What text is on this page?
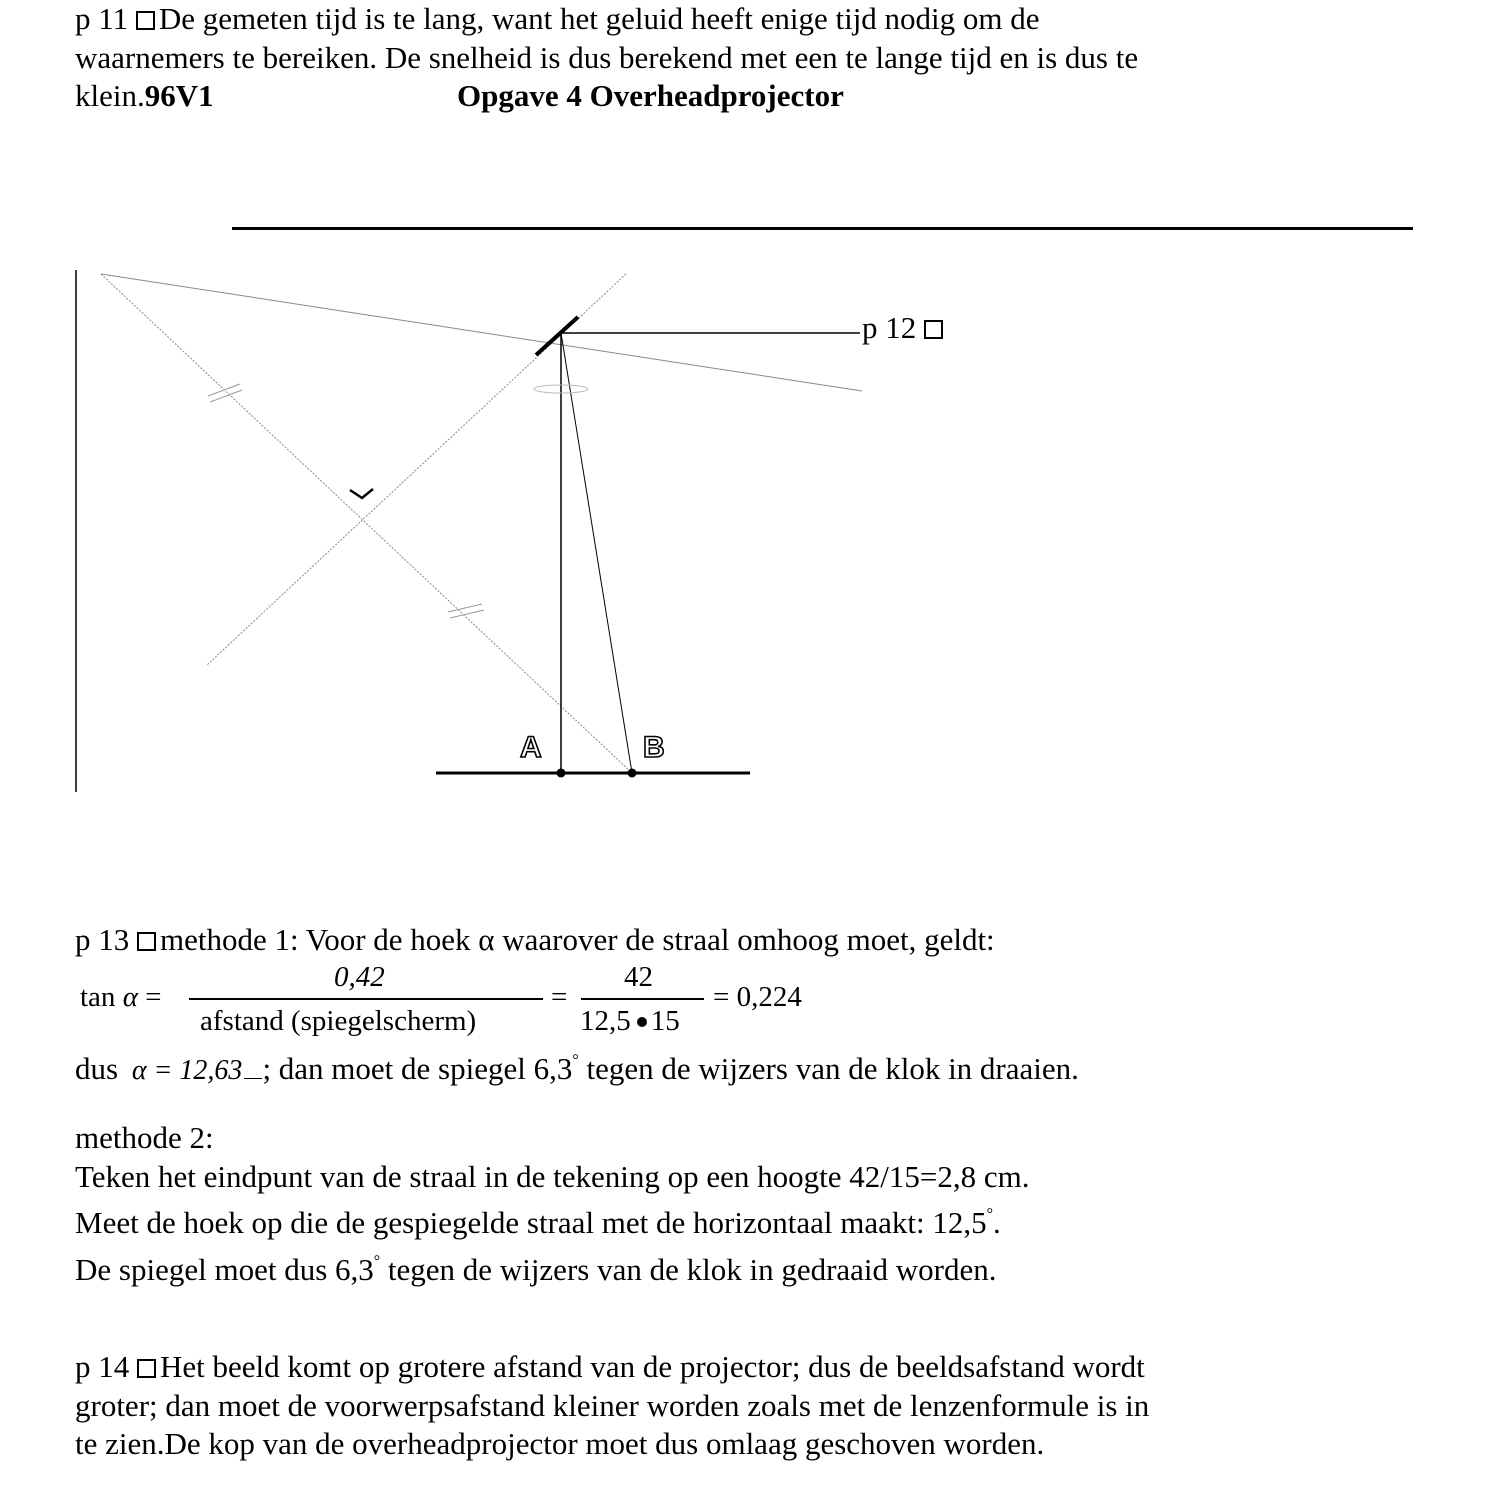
p 11 De gemeten tijd is te lang, want het geluid heeft enige tijd nodig om de
waarnemers te bereiken. De snelheid is dus berekend met een te lange tijd en is dus te
klein.96V1	Opgave 4 Overheadprojector
A	B
p 12
p 13 methode 1: Voor de hoek α waarover de straal omhoog moet, geldt:
tan α =
0,42
afstand (spiegelscherm)
=
42
12,5 15
= 0,224
dus α = 12,63 ; dan moet de spiegel 6,3° tegen de wijzers van de klok in draaien.
methode 2:
Teken het eindpunt van de straal in de tekening op een hoogte 42/15=2,8 cm.
Meet de hoek op die de gespiegelde straal met de horizontaal maakt: 12,5°.
De spiegel moet dus 6,3° tegen de wijzers van de klok in gedraaid worden.
p 14 Het beeld komt op grotere afstand van de projector; dus de beeldsafstand wordt
groter; dan moet de voorwerpsafstand kleiner worden zoals met de lenzenformule is in
te zien.De kop van de overheadprojector moet dus omlaag geschoven worden.
